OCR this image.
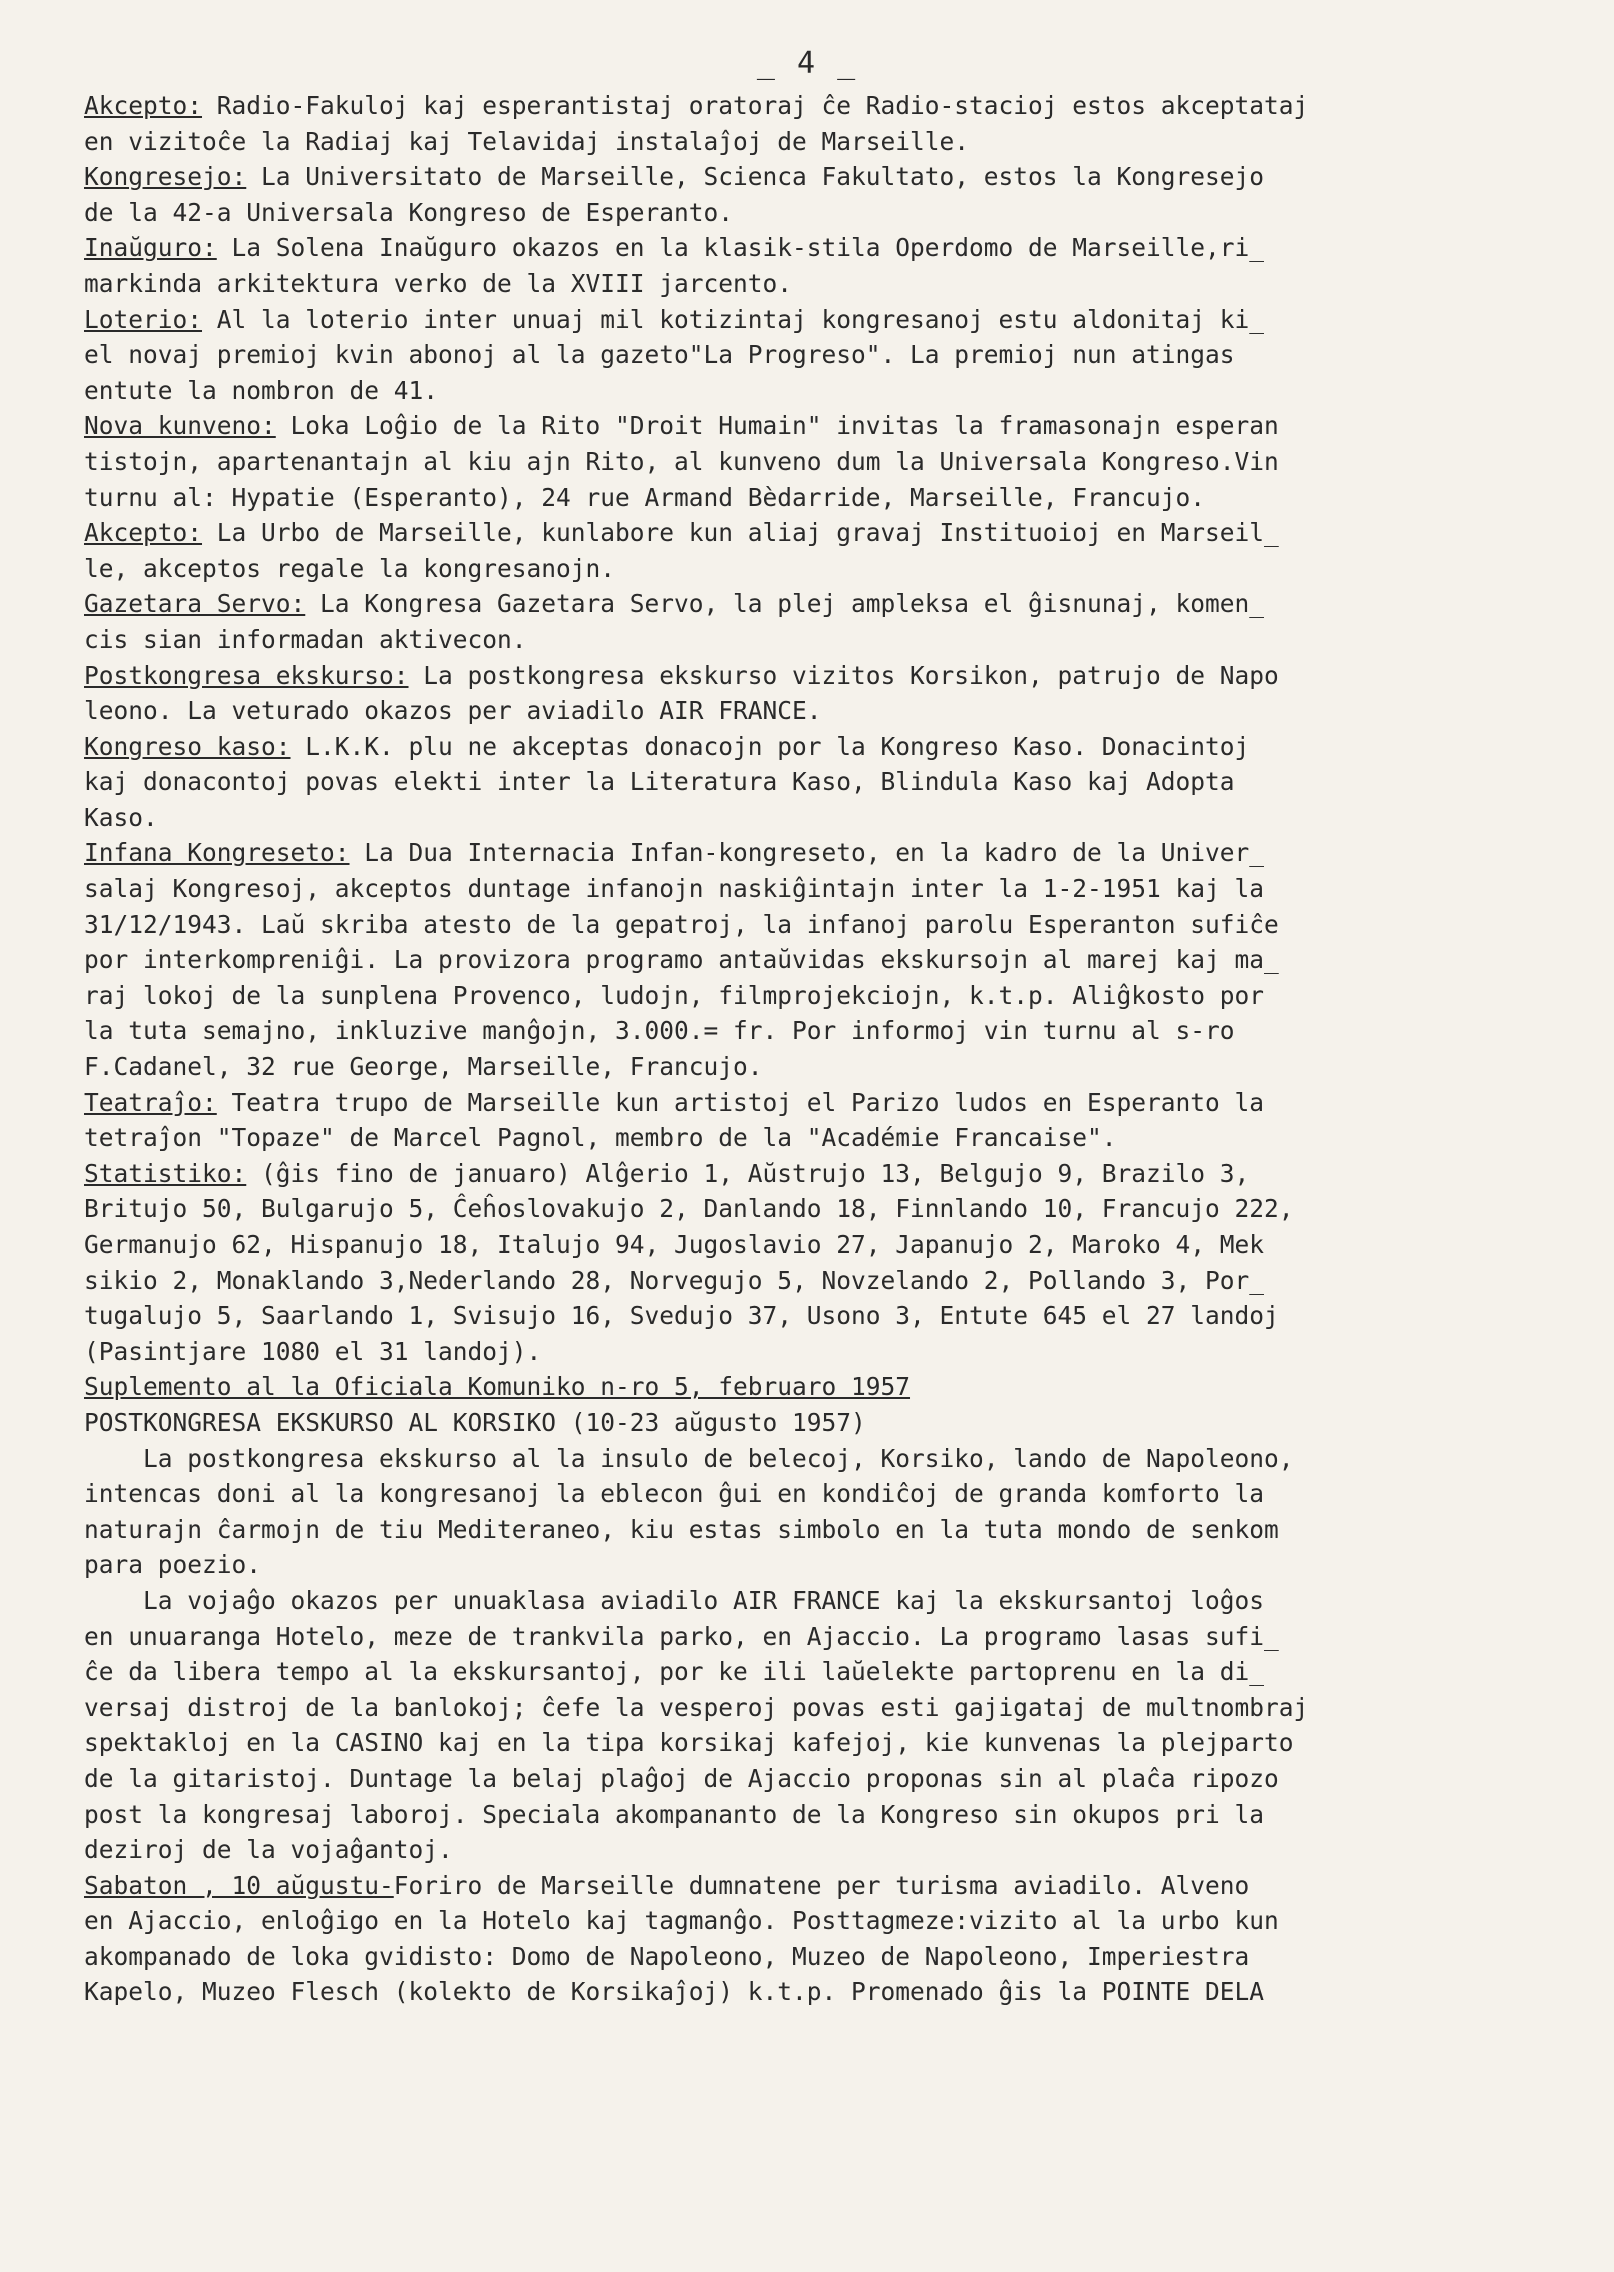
_ 4 _
Akcepto: Radio-Fakuloj kaj esperantistaj oratoraj ĉe Radio-stacioj estos akceptataj
en vizitoĉe la Radiaj kaj Telavidaj instalaĵoj de Marseille.
Kongresejo: La Universitato de Marseille, Scienca Fakultato, estos la Kongresejo
de la 42-a Universala Kongreso de Esperanto.
Inaŭguro: La Solena Inaŭguro okazos en la klasik-stila Operdomo de Marseille,ri_
markinda arkitektura verko de la XVIII jarcento.
Loterio: Al la loterio inter unuaj mil kotizintaj kongresanoj estu aldonitaj ki_
el novaj premioj kvin abonoj al la gazeto"La Progreso". La premioj nun atingas
entute la nombron de 41.
Nova kunveno: Loka Loĝio de la Rito "Droit Humain" invitas la framasonajn esperan
tistojn, apartenantajn al kiu ajn Rito, al kunveno dum la Universala Kongreso.Vin
turnu al: Hypatie (Esperanto), 24 rue Armand Bèdarride, Marseille, Francujo.
Akcepto: La Urbo de Marseille, kunlabore kun aliaj gravaj Instituoioj en Marseil_
le, akceptos regale la kongresanojn.
Gazetara Servo: La Kongresa Gazetara Servo, la plej ampleksa el ĝisnunaj, komen_
cis sian informadan aktivecon.
Postkongresa ekskurso: La postkongresa ekskurso vizitos Korsikon, patrujo de Napo
leono. La veturado okazos per aviadilo AIR FRANCE.
Kongreso kaso: L.K.K. plu ne akceptas donacojn por la Kongreso Kaso. Donacintoj
kaj donacontoj povas elekti inter la Literatura Kaso, Blindula Kaso kaj Adopta
Kaso.
Infana Kongreseto: La Dua Internacia Infan-kongreseto, en la kadro de la Univer_
salaj Kongresoj, akceptos duntage infanojn naskiĝintajn inter la 1-2-1951 kaj la
31/12/1943. Laŭ skriba atesto de la gepatroj, la infanoj parolu Esperanton sufiĉe
por interkompreniĝi. La provizora programo antaŭvidas ekskursojn al marej kaj ma_
raj lokoj de la sunplena Provenco, ludojn, filmprojekciojn, k.t.p. Aliĝkosto por
la tuta semajno, inkluzive manĝojn, 3.000.= fr. Por informoj vin turnu al s-ro
F.Cadanel, 32 rue George, Marseille, Francujo.
Teatraĵo: Teatra trupo de Marseille kun artistoj el Parizo ludos en Esperanto la
tetraĵon "Topaze" de Marcel Pagnol, membro de la "Académie Francaise".
Statistiko: (ĝis fino de januaro) Alĝerio 1, Aŭstrujo 13, Belgujo 9, Brazilo 3,
Britujo 50, Bulgarujo 5, Ĉeĥoslovakujo 2, Danlando 18, Finnlando 10, Francujo 222,
Germanujo 62, Hispanujo 18, Italujo 94, Jugoslavio 27, Japanujo 2, Maroko 4, Mek
sikio 2, Monaklando 3,Nederlando 28, Norvegujo 5, Novzelando 2, Pollando 3, Por_
tugalujo 5, Saarlando 1, Svisujo 16, Svedujo 37, Usono 3, Entute 645 el 27 landoj
(Pasintjare 1080 el 31 landoj).
Suplemento al la Oficiala Komuniko n-ro 5, februaro 1957
POSTKONGRESA EKSKURSO AL KORSIKO (10-23 aŭgusto 1957)
La postkongresa ekskurso al la insulo de belecoj, Korsiko, lando de Napoleono,
intencas doni al la kongresanoj la eblecon ĝui en kondiĉoj de granda komforto la
naturajn ĉarmojn de tiu Mediteraneo, kiu estas simbolo en la tuta mondo de senkom
para poezio.
La vojaĝo okazos per unuaklasa aviadilo AIR FRANCE kaj la ekskursantoj loĝos
en unuaranga Hotelo, meze de trankvila parko, en Ajaccio. La programo lasas sufi_
ĉe da libera tempo al la ekskursantoj, por ke ili laŭelekte partoprenu en la di_
versaj distroj de la banlokoj; ĉefe la vesperoj povas esti gajigataj de multnombraj
spektakloj en la CASINO kaj en la tipa korsikaj kafejoj, kie kunvenas la plejparto
de la gitaristoj. Duntage la belaj plaĝoj de Ajaccio proponas sin al plaĉa ripozo
post la kongresaj laboroj. Speciala akompananto de la Kongreso sin okupos pri la
deziroj de la vojaĝantoj.
Sabaton , 10 aŭgustu-Foriro de Marseille dumnatene per turisma aviadilo. Alveno
en Ajaccio, enloĝigo en la Hotelo kaj tagmanĝo. Posttagmeze:vizito al la urbo kun
akompanado de loka gvidisto: Domo de Napoleono, Muzeo de Napoleono, Imperiestra
Kapelo, Muzeo Flesch (kolekto de Korsikaĵoj) k.t.p. Promenado ĝis la POINTE DELA
